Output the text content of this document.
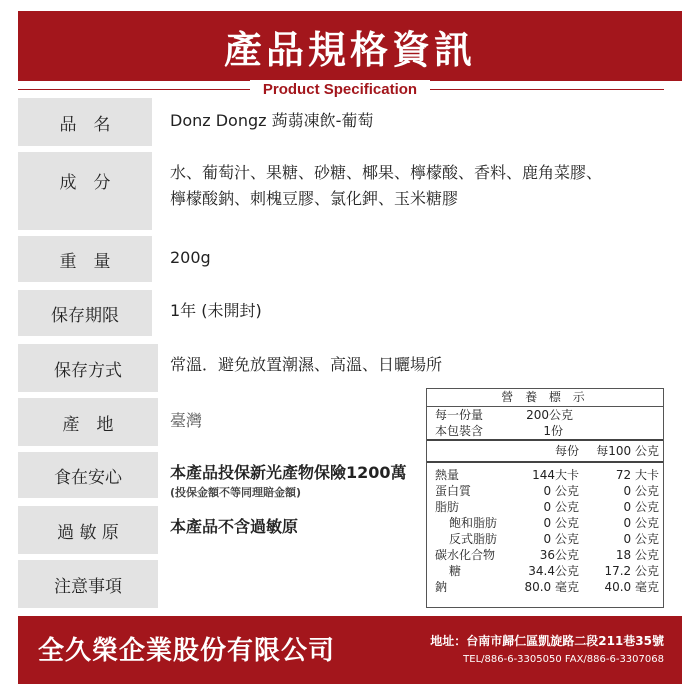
產品規格資訊
Product Specification
品　名	Donz Dongz 蒟蒻凍飲-葡萄
成　分
水、葡萄汁、果糖、砂糖、椰果、檸檬酸、香料、鹿角菜膠、
檸檬酸鈉、刺槐豆膠、氯化鉀、玉米糖膠
重　量	200g
保存期限	1年 (未開封)
保存方式	常溫．避免放置潮濕、高溫、日曬場所
產　地	臺灣
食在安心	本產品投保新光產物保險1200萬
(投保金額不等同理賠金額)
過 敏 原	本產品不含過敏原
注意事項
營 養 標 示
每一份量	200公克
本包裝含	1份
每份 每100 公克
熱量	144大卡	72 大卡
蛋白質	0 公克	0 公克
脂肪	0 公克	0 公克
飽和脂肪	0 公克	0 公克
反式脂肪	0 公克	0 公克
碳水化合物	36公克	18 公克
糖	34.4公克 17.2 公克
鈉	80.0 毫克 40.0 毫克
全久榮企業股份有限公司	地址：台南市歸仁區凱旋路二段211巷35號
TEL/886-6-3305050 FAX/886-6-3307068
